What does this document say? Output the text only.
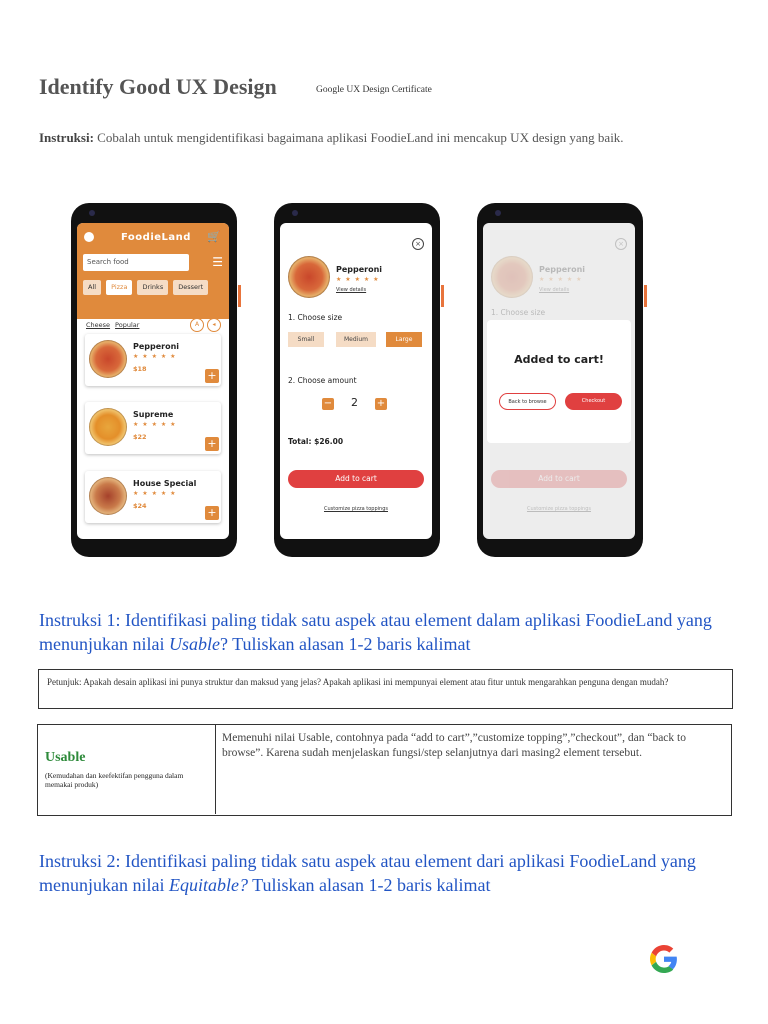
Identify Good UX Design	Google UX Design Certificate
Instruksi: Cobalah untuk mengidentifikasi bagaimana aplikasi FoodieLand ini mencakup UX design yang baik.
FoodieLand 🛒
Search food	☰
All	Pizza	Drinks	Dessert
Cheese Popular	A	◂
Pepperoni
★ ★ ★ ★ ★
$18	+
Supreme
★ ★ ★ ★ ★
$22	+
House Special
★ ★ ★ ★ ★
$24	+
×
Pepperoni
★ ★ ★ ★ ★
View details
1. Choose size
Small	Medium	Large
2. Choose amount
− 2 +
Total: $26.00
Add to cart
Customize pizza toppings
×
Pepperoni
★ ★ ★ ★ ★
View details
1. Choose size
Add to cart
Customize pizza toppings
Added to cart!
Back to browse	Checkout
Instruksi 1: Identifikasi paling tidak satu aspek atau element dalam aplikasi FoodieLand yang menunjukan nilai Usable? Tuliskan alasan 1-2 baris kalimat
Petunjuk: Apakah desain aplikasi ini punya struktur dan maksud yang jelas? Apakah aplikasi ini mempunyai element atau fitur untuk mengarahkan penguna dengan mudah?
Usable
(Kemudahan dan keefektifan pengguna dalam memakai produk)
Memenuhi nilai Usable, contohnya pada “add to cart”,”customize topping”,”checkout”, dan “back to browse”. Karena sudah menjelaskan fungsi/step selanjutnya dari masing2 element tersebut.
Instruksi 2: Identifikasi paling tidak satu aspek atau element dari aplikasi FoodieLand yang menunjukan nilai Equitable? Tuliskan alasan 1-2 baris kalimat
